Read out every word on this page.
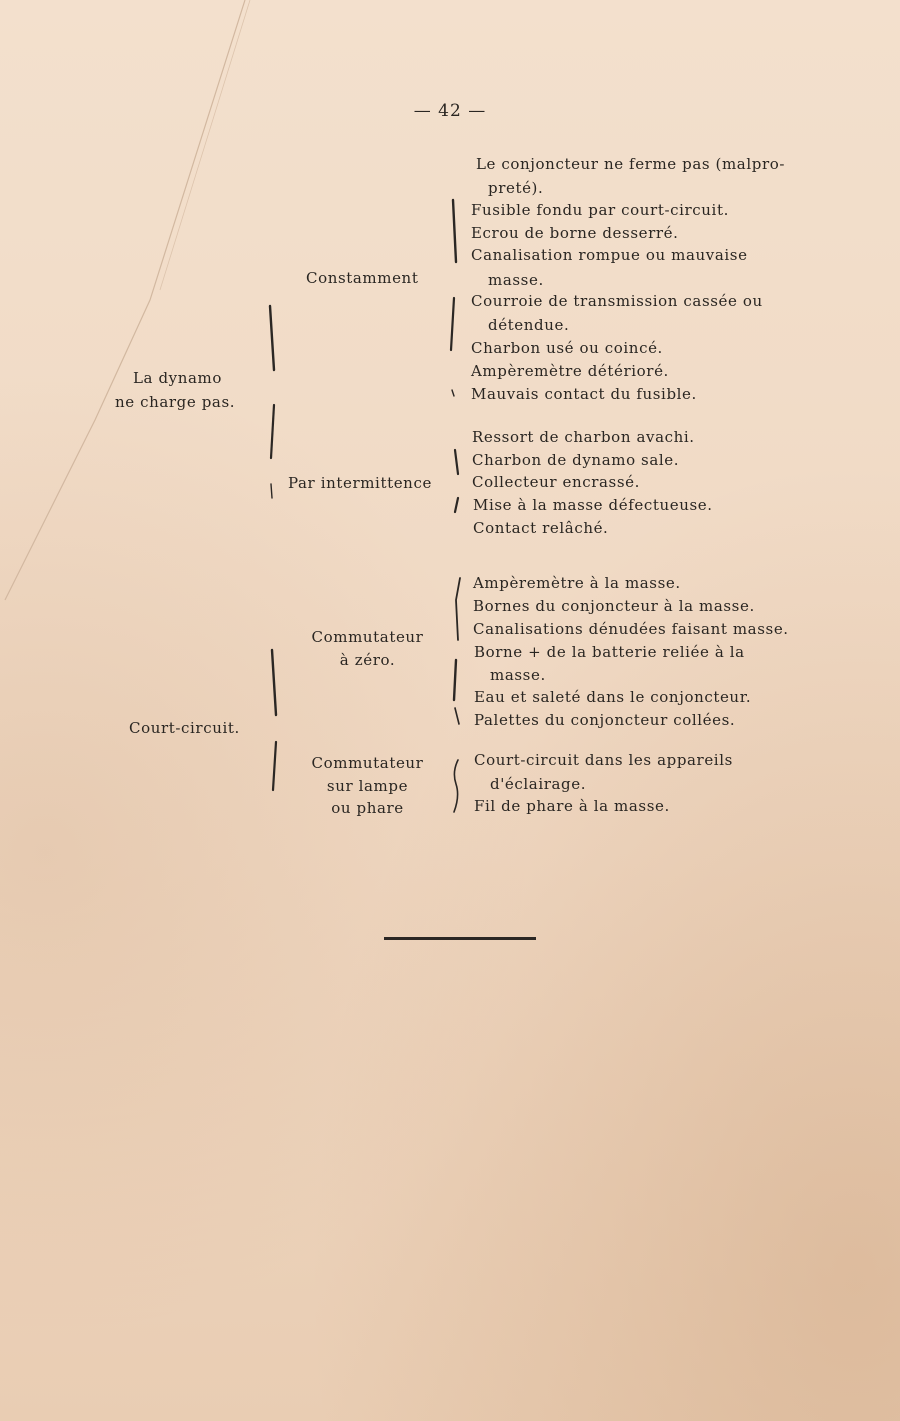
— 42 —
La dynamo
ne charge pas.
Constamment
Le conjoncteur ne ferme pas (malpro-
preté).
Fusible fondu par court-circuit.
Ecrou de borne desserré.
Canalisation rompue ou mauvaise
masse.
Courroie de transmission cassée ou
détendue.
Charbon usé ou coincé.
Ampèremètre détérioré.
Mauvais contact du fusible.
Par intermittence
Ressort de charbon avachi.
Charbon de dynamo sale.
Collecteur encrassé.
Mise à la masse défectueuse.
Contact relâché.
Court-circuit.
Commutateur
à zéro.
Ampèremètre à la masse.
Bornes du conjoncteur à la masse.
Canalisations dénudées faisant masse.
Borne + de la batterie reliée à la
masse.
Eau et saleté dans le conjoncteur.
Palettes du conjoncteur collées.
Commutateur
sur lampe
ou phare
Court-circuit dans les appareils
d'éclairage.
Fil de phare à la masse.
